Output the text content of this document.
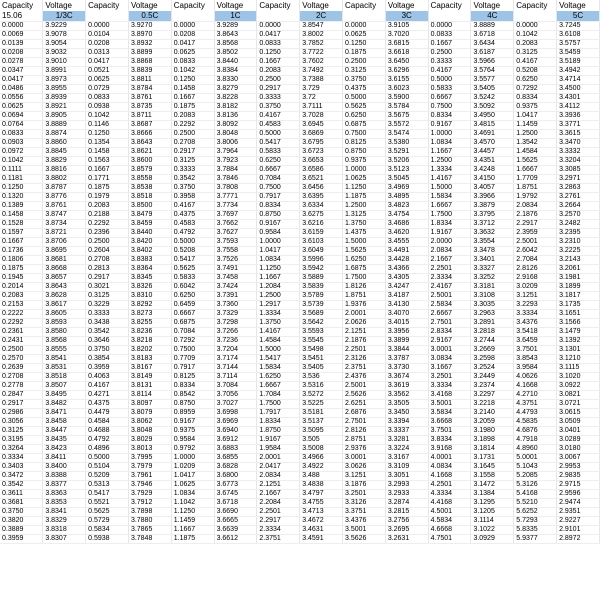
Capacity	Voltage	Capacity	Voltage	Capacity	Voltage	Capacity	Voltage	Capacity	Voltage	Capacity	Voltage	Capacity	Voltage
15.06	1/3C		0.5C		1C		2C		3C		4C		5C
0.0000	3.9229	0.0000	3.9270	0.0000	3.9289	0.0000	3.8547	0.0000	3.9105	0.0000	3.8889	0.0000	3.7245
0.0069	3.9078	0.0104	3.8970	0.0208	3.8643	0.0417	3.8002	0.0625	3.7020	0.0833	3.6718	0.1042	3.6108
0.0139	3.9054	0.0208	3.8932	0.0417	3.8568	0.0833	3.7852	0.1250	3.6815	0.1667	3.6434	0.2083	3.5757
0.0208	3.9032	0.0313	3.8899	0.0625	3.8502	0.1250	3.7722	0.1875	3.6618	0.2500	3.6187	0.3125	3.5459
0.0278	3.9010	0.0417	3.8868	0.0833	3.8440	0.1667	3.7602	0.2500	3.6450	0.3333	3.5966	0.4167	3.5189
0.0347	3.8991	0.0521	3.8839	0.1042	3.8384	0.2083	3.7492	0.3125	3.6296	0.4167	3.5764	0.5208	3.4942
0.0417	3.8973	0.0625	3.8811	0.1250	3.8330	0.2500	3.7388	0.3750	3.6155	0.5000	3.5577	0.6250	3.4714
0.0486	3.8955	0.0729	3.8784	0.1458	3.8279	0.2917	3.729	0.4375	3.6023	0.5833	3.5405	0.7292	3.4500
0.0556	3.8939	0.0833	3.8761	0.1667	3.8228	0.3333	3.72	0.5000	3.5900	0.6667	3.5242	0.8334	3.4301
0.0625	3.8921	0.0938	3.8735	0.1875	3.8182	0.3750	3.7111	0.5625	3.5784	0.7500	3.5092	0.9375	3.4112
0.0694	3.8905	0.1042	3.8711	0.2083	3.8136	0.4167	3.7028	0.6250	3.5675	0.8334	3.4950	1.0417	3.3936
0.0764	3.8889	0.1146	3.8687	0.2292	3.8092	0.4583	3.6945	0.6875	3.5572	0.9167	3.4815	1.1459	3.3771
0.0833	3.8874	0.1250	3.8666	0.2500	3.8048	0.5000	3.6869	0.7500	3.5474	1.0000	3.4691	1.2500	3.3615
0.0903	3.8860	0.1354	3.8643	0.2708	3.8006	0.5417	3.6795	0.8125	3.5380	1.0834	3.4570	1.3542	3.3470
0.0972	3.8845	0.1458	3.8621	0.2917	3.7964	0.5833	3.6723	0.8750	3.5291	1.1667	3.4457	1.4584	3.3332
0.1042	3.8829	0.1563	3.8600	0.3125	3.7923	0.6250	3.6653	0.9375	3.5206	1.2500	3.4351	1.5625	3.3204
0.1111	3.8816	0.1667	3.8579	0.3333	3.7884	0.6667	3.6586	1.0000	3.5123	1.3334	3.4248	1.6667	3.3085
0.1181	3.8802	0.1771	3.8558	0.3542	3.7846	0.7084	3.6521	1.0625	3.5045	1.4167	3.4150	1.7709	3.2971
0.1250	3.8787	0.1875	3.8538	0.3750	3.7808	0.7500	3.6456	1.1250	3.4969	1.5000	3.4057	1.8751	3.2863
0.1320	3.8776	0.1979	3.8518	0.3958	3.7771	0.7917	3.6395	1.1875	3.4895	1.5834	3.3966	1.9792	3.2761
0.1389	3.8761	0.2083	3.8500	0.4167	3.7734	0.8334	3.6334	1.2500	3.4823	1.6667	3.3879	2.0834	3.2664
0.1458	3.8747	0.2188	3.8479	0.4375	3.7697	0.8750	3.6275	1.3125	3.4754	1.7500	3.3795	2.1876	3.2570
0.1528	3.8734	0.2292	3.8459	0.4583	3.7662	0.9167	3.6216	1.3750	3.4686	1.8334	3.3712	2.2917	3.2482
0.1597	3.8721	0.2396	3.8440	0.4792	3.7627	0.9584	3.6159	1.4375	3.4620	1.9167	3.3632	2.3959	3.2395
0.1667	3.8706	0.2500	3.8420	0.5000	3.7593	1.0000	3.6103	1.5000	3.4555	2.0000	3.3554	2.5001	3.2310
0.1736	3.8695	0.2604	3.8402	0.5208	3.7558	1.0417	3.6049	1.5625	3.4491	2.0834	3.3478	2.6042	3.2225
0.1806	3.8681	0.2708	3.8383	0.5417	3.7526	1.0834	3.5996	1.6250	3.4428	2.1667	3.3401	2.7084	3.2143
0.1875	3.8668	0.2813	3.8364	0.5625	3.7491	1.1250	3.5942	1.6875	3.4366	2.2501	3.3327	2.8126	3.2061
0.1945	3.8657	0.2917	3.8345	0.5833	3.7458	1.1667	3.5889	1.7500	3.4305	2.3334	3.3252	2.9168	3.1981
0.2014	3.8643	0.3021	3.8326	0.6042	3.7424	1.2084	3.5839	1.8126	3.4247	2.4167	3.3181	3.0209	3.1899
0.2083	3.8628	0.3125	3.8310	0.6250	3.7391	1.2500	3.5789	1.8751	3.4187	2.5001	3.3108	3.1251	3.1817
0.2153	3.8617	0.3229	3.8292	0.6459	3.7360	1.2917	3.5739	1.9376	3.4130	2.5834	3.3035	3.2293	3.1735
0.2222	3.8605	0.3333	3.8273	0.6667	3.7329	1.3334	3.5689	2.0001	3.4070	2.6667	3.2963	3.3334	3.1651
0.2292	3.8593	0.3438	3.8255	0.6875	3.7298	1.3750	3.5642	2.0626	3.4015	2.7501	3.2891	3.4376	3.1566
0.2361	3.8580	0.3542	3.8236	0.7084	3.7266	1.4167	3.5593	2.1251	3.3956	2.8334	3.2818	3.5418	3.1479
0.2431	3.8568	0.3646	3.8218	0.7292	3.7236	1.4584	3.5545	2.1876	3.3899	2.9167	3.2744	3.6459	3.1392
0.2500	3.8555	0.3750	3.8202	0.7500	3.7204	1.5000	3.5498	2.2501	3.3844	3.0001	3.2669	3.7501	3.1301
0.2570	3.8541	0.3854	3.8183	0.7709	3.7174	1.5417	3.5451	2.3126	3.3787	3.0834	3.2598	3.8543	3.1210
0.2639	3.8531	0.3959	3.8167	0.7917	3.7144	1.5834	3.5405	2.3751	3.3730	3.1667	3.2524	3.9584	3.1115
0.2708	3.8518	0.4063	3.8149	0.8125	3.7114	1.6250	3.536	2.4376	3.3674	3.2501	3.2449	4.0626	3.1020
0.2778	3.8507	0.4167	3.8131	0.8334	3.7084	1.6667	3.5316	2.5001	3.3619	3.3334	3.2374	4.1668	3.0922
0.2847	3.8495	0.4271	3.8114	0.8542	3.7056	1.7084	3.5272	2.5626	3.3562	3.4168	3.2297	4.2710	3.0821
0.2917	3.8482	0.4375	3.8097	0.8750	3.7027	1.7500	3.5225	2.6251	3.3505	3.5001	3.2218	4.3751	3.0721
0.2986	3.8471	0.4479	3.8079	0.8959	3.6998	1.7917	3.5181	2.6876	3.3450	3.5834	3.2140	4.4793	3.0615
0.3056	3.8458	0.4584	3.8062	0.9167	3.6969	1.8334	3.5137	2.7501	3.3394	3.6668	3.2059	4.5835	3.0509
0.3125	3.8447	0.4688	3.8048	0.9375	3.6940	1.8750	3.5095	2.8126	3.3337	3.7501	3.1980	4.6876	3.0401
0.3195	3.8435	0.4792	3.8029	0.9584	3.6912	1.9167	3.505	2.8751	3.3281	3.8334	3.1898	4.7918	3.0289
0.3264	3.8423	0.4896	3.8013	0.9792	3.6883	1.9584	3.5008	2.9376	3.3224	3.9168	3.1814	4.8960	3.0180
0.3334	3.8411	0.5000	3.7995	1.0000	3.6855	2.0001	3.4966	3.0001	3.3167	4.0001	3.1731	5.0001	3.0067
0.3403	3.8400	0.5104	3.7979	1.0209	3.6828	2.0417	3.4922	3.0626	3.3109	4.0834	3.1645	5.1043	2.9953
0.3472	3.8388	0.5209	3.7961	1.0417	3.6800	2.0834	3.488	3.1251	3.3051	4.1668	3.1558	5.2085	2.9835
0.3542	3.8377	0.5313	3.7946	1.0625	3.6773	2.1251	3.4838	3.1876	3.2993	4.2501	3.1472	5.3126	2.9715
0.3611	3.8363	0.5417	3.7929	1.0834	3.6745	2.1667	3.4797	3.2501	3.2933	4.3334	3.1384	5.4168	2.9596
0.3681	3.8353	0.5521	3.7912	1.1042	3.6718	2.2084	3.4755	3.3126	3.2874	4.4168	3.1295	5.5210	2.9474
0.3750	3.8341	0.5625	3.7898	1.1250	3.6690	2.2501	3.4713	3.3751	3.2815	4.5001	3.1205	5.6252	2.9351
0.3820	3.8329	0.5729	3.7880	1.1459	3.6665	2.2917	3.4672	3.4376	3.2756	4.5834	3.1114	5.7293	2.9227
0.3889	3.8318	0.5834	3.7865	1.1667	3.6639	2.3334	3.4631	3.5001	3.2695	4.6668	3.1022	5.8335	2.9101
0.3959	3.8307	0.5938	3.7848	1.1875	3.6612	2.3751	3.4591	3.5626	3.2631	4.7501	3.0929	5.9377	2.8972
